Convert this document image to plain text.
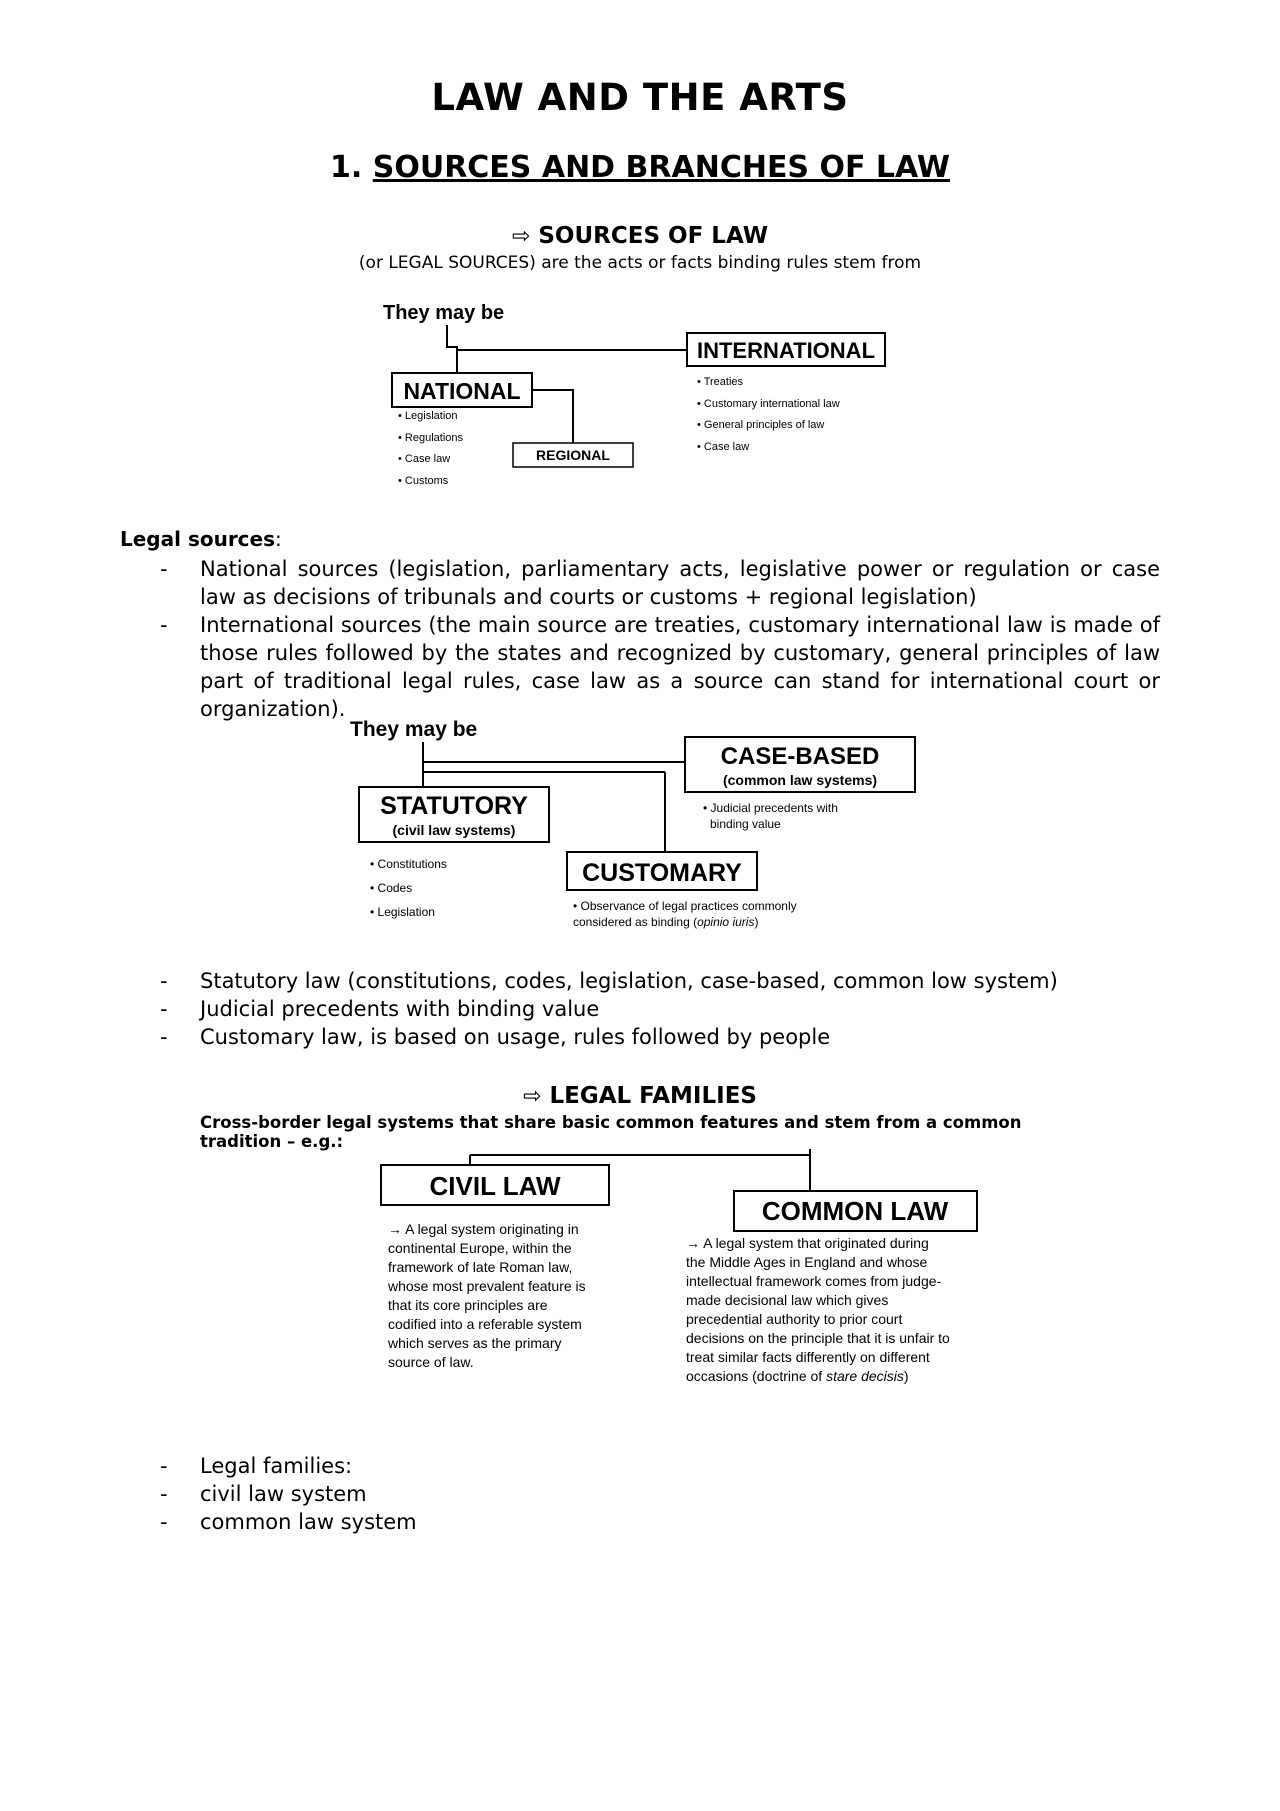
LAW AND THE ARTS
1. SOURCES AND BRANCHES OF LAW
⇨ SOURCES OF LAW
(or LEGAL SOURCES) are the acts or facts binding rules stem from
They may be
INTERNATIONAL
• Treaties
• Customary international law
• General principles of law
• Case law
NATIONAL
• Legislation
• Regulations
• Case law
• Customs
REGIONAL
Legal sources:
- National sources (legislation, parliamentary acts, legislative power or regulation or case law as decisions of tribunals and courts or customs + regional legislation)
- International sources (the main source are treaties, customary international law is made of those rules followed by the states and recognized by customary, general principles of law part of traditional legal rules, case law as a source can stand for international court or organization).
They may be
CASE-BASED
(common law systems)
• Judicial precedents with
binding value
STATUTORY
(civil law systems)
• Constitutions
• Codes
• Legislation
CUSTOMARY
• Observance of legal practices commonly
considered as binding (opinio iuris)
- Statutory law (constitutions, codes, legislation, case-based, common low system)
- Judicial precedents with binding value
- Customary law, is based on usage, rules followed by people
⇨ LEGAL FAMILIES
Cross-border legal systems that share basic common features and stem from a common tradition – e.g.:
CIVIL LAW
→ A legal system originating in
continental Europe, within the
framework of late Roman law,
whose most prevalent feature is
that its core principles are
codified into a referable system
which serves as the primary
source of law.
COMMON LAW
→ A legal system that originated during
the Middle Ages in England and whose
intellectual framework comes from judge-
made decisional law which gives
precedential authority to prior court
decisions on the principle that it is unfair to
treat similar facts differently on different
occasions (doctrine of stare decisis)
- Legal families:
- civil law system
- common law system
